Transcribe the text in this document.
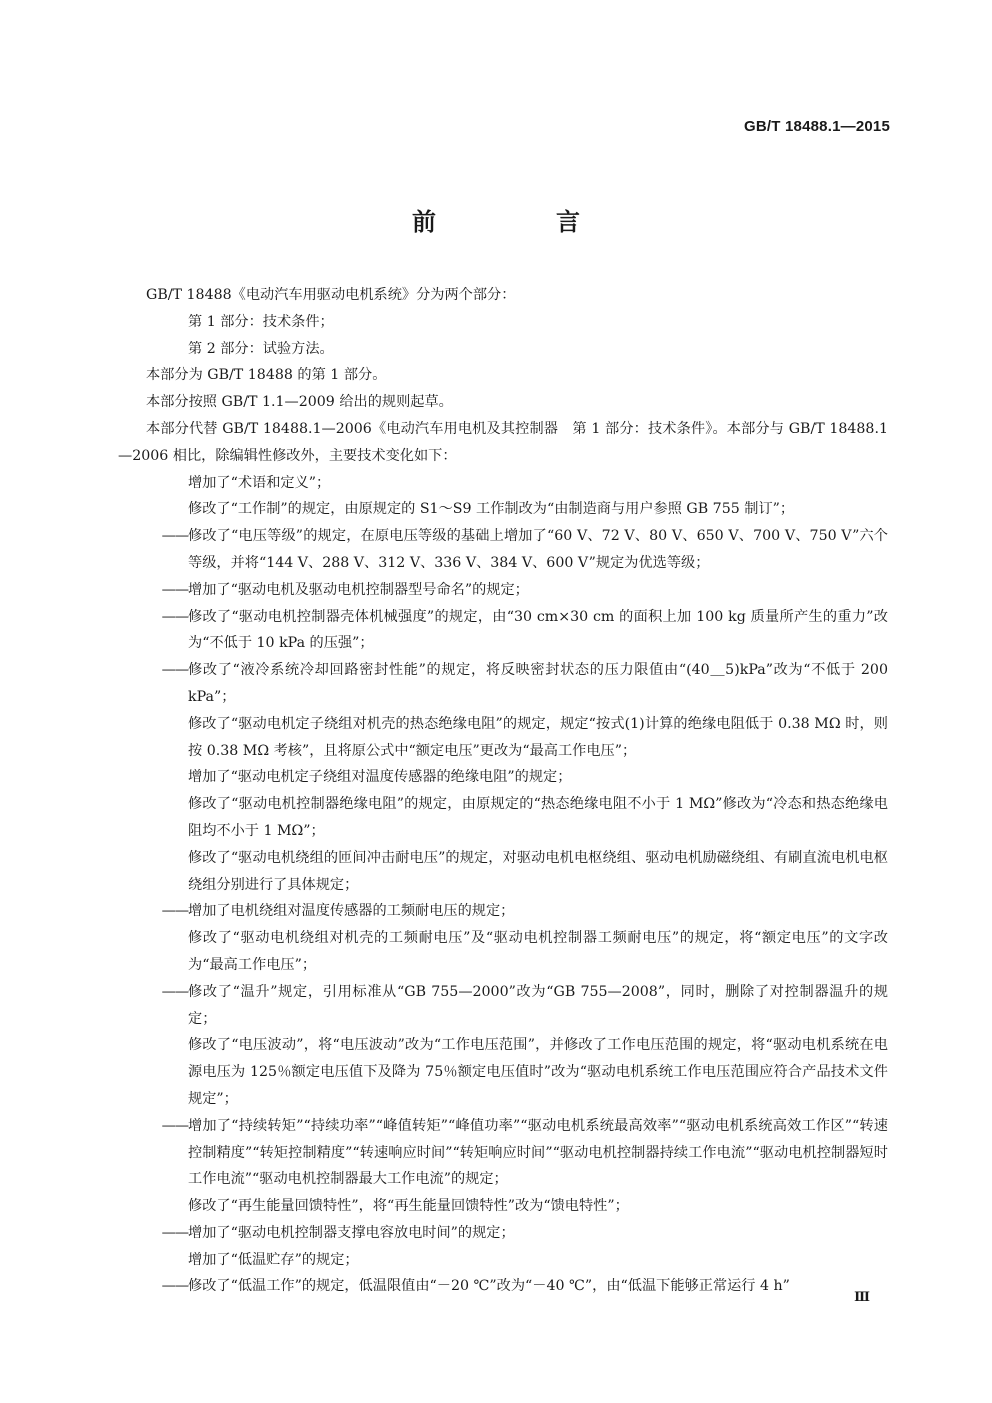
GB/T 18488.1—2015
前　言

GB/T 18488《电动汽车用驱动电机系统》分为两个部分：

第 1 部分：技术条件；

第 2 部分：试验方法。

本部分为 GB/T 18488 的第 1 部分。

本部分按照 GB/T 1.1—2009 给出的规则起草。

本部分代替 GB/T 18488.1—2006《电动汽车用电机及其控制器　第 1 部分：技术条件》。本部分与 GB/T 18488.1—2006 相比，除编辑性修改外，主要技术变化如下：

增加了“术语和定义”；
修改了“工作制”的规定，由原规定的 S1～S9 工作制改为“由制造商与用户参照 GB 755 制订”；
—— 修改了“电压等级”的规定，在原电压等级的基础上增加了“60 V、72 V、80 V、650 V、700 V、750 V”六个等级，并将“144 V、288 V、312 V、336 V、384 V、600 V”规定为优选等级；
—— 增加了“驱动电机及驱动电机控制器型号命名”的规定；
—— 修改了“驱动电机控制器壳体机械强度”的规定，由“30 cm×30 cm 的面积上加 100 kg 质量所产生的重力”改为“不低于 10 kPa 的压强”；
—— 修改了“液冷系统冷却回路密封性能”的规定，将反映密封状态的压力限值由“(40＿5)kPa”改为“不低于 200 kPa”；
修改了“驱动电机定子绕组对机壳的热态绝缘电阻”的规定，规定“按式(1)计算的绝缘电阻低于 0.38 MΩ 时，则按 0.38 MΩ 考核”，且将原公式中“额定电压”更改为“最高工作电压”；
增加了“驱动电机定子绕组对温度传感器的绝缘电阻”的规定；
修改了“驱动电机控制器绝缘电阻”的规定，由原规定的“热态绝缘电阻不小于 1 MΩ”修改为“冷态和热态绝缘电阻均不小于 1 MΩ”；
修改了“驱动电机绕组的匝间冲击耐电压”的规定，对驱动电机电枢绕组、驱动电机励磁绕组、有刷直流电机电枢绕组分别进行了具体规定；
—— 增加了电机绕组对温度传感器的工频耐电压的规定；
修改了“驱动电机绕组对机壳的工频耐电压”及“驱动电机控制器工频耐电压”的规定，将“额定电压”的文字改为“最高工作电压”；
—— 修改了“温升”规定，引用标准从“GB 755—2000”改为“GB 755—2008”，同时，删除了对控制器温升的规定；
修改了“电压波动”，将“电压波动”改为“工作电压范围”，并修改了工作电压范围的规定，将“驱动电机系统在电源电压为 125％额定电压值下及降为 75％额定电压值时”改为“驱动电机系统工作电压范围应符合产品技术文件规定”；
—— 增加了“持续转矩”“持续功率”“峰值转矩”“峰值功率”“驱动电机系统最高效率”“驱动电机系统高效工作区”“转速控制精度”“转矩控制精度”“转速响应时间”“转矩响应时间”“驱动电机控制器持续工作电流”“驱动电机控制器短时工作电流”“驱动电机控制器最大工作电流”的规定；
修改了“再生能量回馈特性”，将“再生能量回馈特性”改为“馈电特性”；
—— 增加了“驱动电机控制器支撑电容放电时间”的规定；
增加了“低温贮存”的规定；
—— 修改了“低温工作”的规定，低温限值由“－20 ℃”改为“－40 ℃”，由“低温下能够正常运行 4 h”
Ⅲ
